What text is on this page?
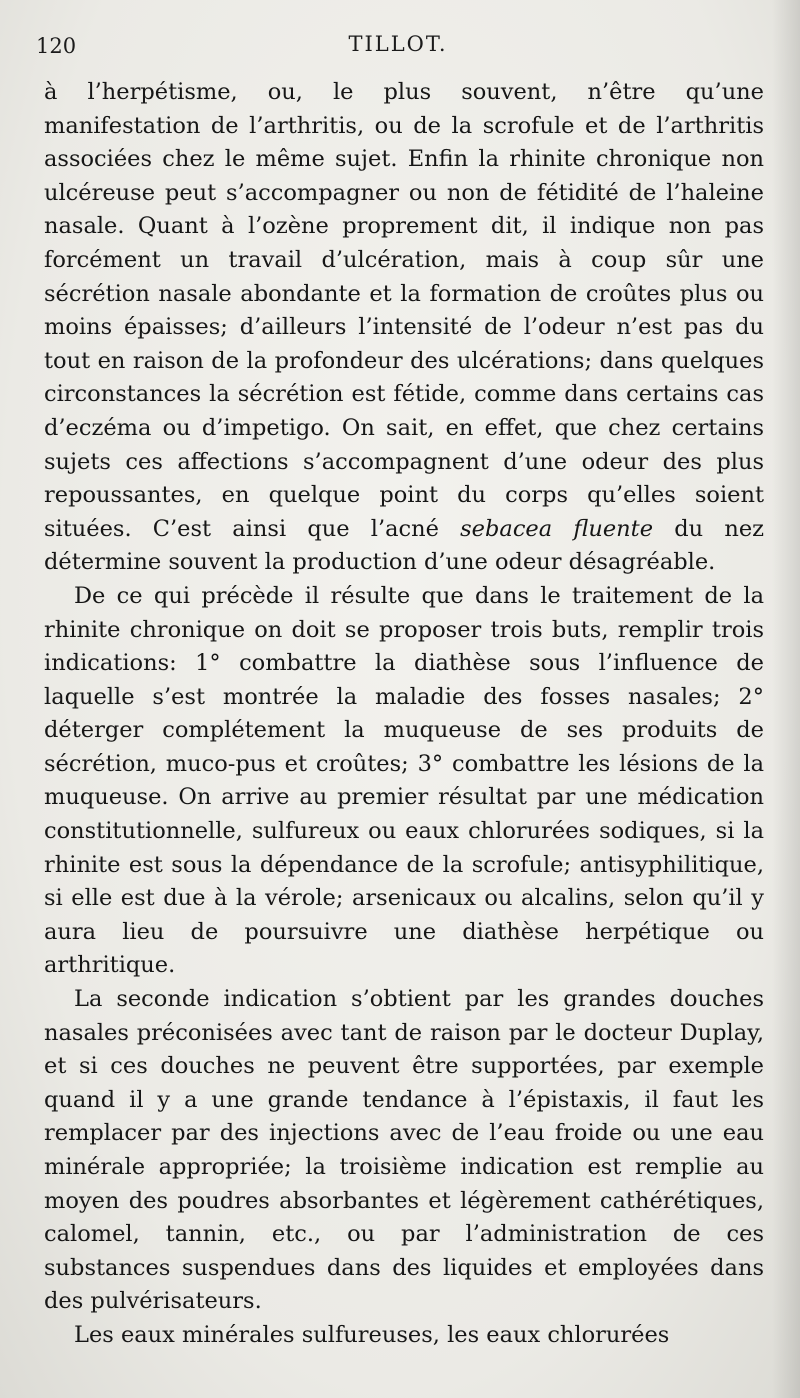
120	TILLOT.

à l’herpétisme, ou, le plus souvent, n’être qu’une manifestation de l’arthritis, ou de la scrofule et de l’arthritis associées chez le même sujet. Enfin la rhinite chronique non ulcéreuse peut s’accompagner ou non de fétidité de l’haleine nasale. Quant à l’ozène proprement dit, il indique non pas forcément un travail d’ulcération, mais à coup sûr une sécrétion nasale abondante et la formation de croûtes plus ou moins épaisses; d’ailleurs l’intensité de l’odeur n’est pas du tout en raison de la profondeur des ulcérations; dans quelques circonstances la sécrétion est fétide, comme dans certains cas d’eczéma ou d’impetigo. On sait, en effet, que chez certains sujets ces affections s’accompagnent d’une odeur des plus repoussantes, en quelque point du corps qu’elles soient situées. C’est ainsi que l’acné sebacea fluente du nez détermine souvent la production d’une odeur désagréable.

De ce qui précède il résulte que dans le traitement de la rhinite chronique on doit se proposer trois buts, remplir trois indications: 1° combattre la diathèse sous l’influence de laquelle s’est montrée la maladie des fosses nasales; 2° déterger complétement la muqueuse de ses produits de sécrétion, muco-pus et croûtes; 3° combattre les lésions de la muqueuse. On arrive au premier résultat par une médication constitutionnelle, sulfureux ou eaux chlorurées sodiques, si la rhinite est sous la dépendance de la scrofule; antisyphilitique, si elle est due à la vérole; arsenicaux ou alcalins, selon qu’il y aura lieu de poursuivre une diathèse herpétique ou arthritique.

La seconde indication s’obtient par les grandes douches nasales préconisées avec tant de raison par le docteur Duplay, et si ces douches ne peuvent être supportées, par exemple quand il y a une grande tendance à l’épistaxis, il faut les remplacer par des injections avec de l’eau froide ou une eau minérale appropriée; la troisième indication est remplie au moyen des poudres absorbantes et légèrement cathérétiques, calomel, tannin, etc., ou par l’administration de ces substances suspendues dans des liquides et employées dans des pulvérisateurs.

Les eaux minérales sulfureuses, les eaux chlorurées
